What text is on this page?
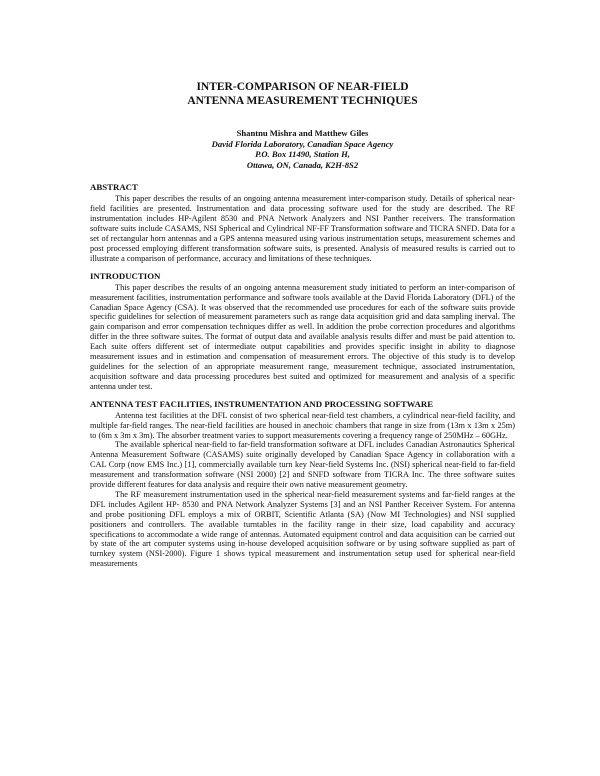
INTER-COMPARISON OF NEAR-FIELD
ANTENNA MEASUREMENT TECHNIQUES
Shantnu Mishra and Matthew Giles
David Florida Laboratory, Canadian Space Agency
P.O. Box 11490, Station H,
Ottawa, ON, Canada, K2H-8S2
ABSTRACT

This paper describes the results of an ongoing antenna measurement inter-comparison study. Details of spherical near-field facilities are presented. Instrumentation and data processing software used for the study are described. The RF instrumentation includes HP-Agilent 8530 and PNA Network Analyzers and NSI Panther receivers. The transformation software suits include CASAMS, NSI Spherical and Cylindrical NF-FF Transformation software and TICRA SNFD. Data for a set of rectangular horn antennas and a GPS antenna measured using various instrumentation setups, measurement schemes and post processed employing different transformation software suits, is presented. Analysis of measured results is carried out to illustrate a comparison of performance, accuracy and limitations of these techniques.

INTRODUCTION

This paper describes the results of an ongoing antenna measurement study initiated to perform an inter-comparison of measurement facilities, instrumentation performance and software tools available at the David Florida Laboratory (DFL) of the Canadian Space Agency (CSA). It was observed that the recommended use procedures for each of the software suits provide specific guidelines for selection of measurement parameters such as range data acquisition grid and data sampling inerval. The gain comparison and error compensation techniques differ as well. In addition the probe correction procedures and algorithms differ in the three software suites. The format of output data and available analysis results differ and must be paid attention to. Each suite offers different set of intermediate output capabilities and provides specific insight in ability to diagnose measurement issues and in estimation and compensation of measurement errors. The objective of this study is to develop guidelines for the selection of an appropriate measurement range, measurement technique, associated instrumentation, acquisition software and data processing procedures best suited and optimized for measurement and analysis of a specific antenna under test.

ANTENNA TEST FACILITIES, INSTRUMENTATION AND PROCESSING SOFTWARE

Antenna test facilities at the DFL consist of two spherical near-field test chambers, a cylindrical near-field facility, and multiple far-field ranges. The near-field facilities are housed in anechoic chambers that range in size from (13m x 13m x 25m) to (6m x 3m x 3m). The absorber treatment varies to support measurements covering a frequency range of 250MHz – 60GHz.

The available spherical near-field to far-field transformation software at DFL includes Canadian Astronautics Spherical Antenna Measurement Software (CASAMS) suite originally developed by Canadian Space Agency in collaboration with a CAL Corp (now EMS Inc.) [1], commercially available turn key Near-field Systems Inc. (NSI) spherical near-field to far-field measurement and transformation software (NSI 2000) [2] and SNFD software from TICRA Inc. The three software suites provide different features for data analysis and require their own native measurement geometry.

The RF measurement instrumentation used in the spherical near-field measurement systems and far-field ranges at the DFL includes Agilent HP- 8530 and PNA Network Analyzer Systems [3] and an NSI Panther Receiver System. For antenna and probe positioning DFL employs a mix of ORBIT, Scientific Atlanta (SA) (Now MI Technologies) and NSI supplied positioners and controllers. The available turntables in the facility range in their size, load capability and accuracy specifications to accommodate a wide range of antennas. Automated equipment control and data acquisition can be carried out by state of the art computer systems using in-house developed acquisition software or by using software supplied as part of turnkey system (NSI-2000). Figure 1 shows typical measurement and instrumentation setup used for spherical near-field measurements
